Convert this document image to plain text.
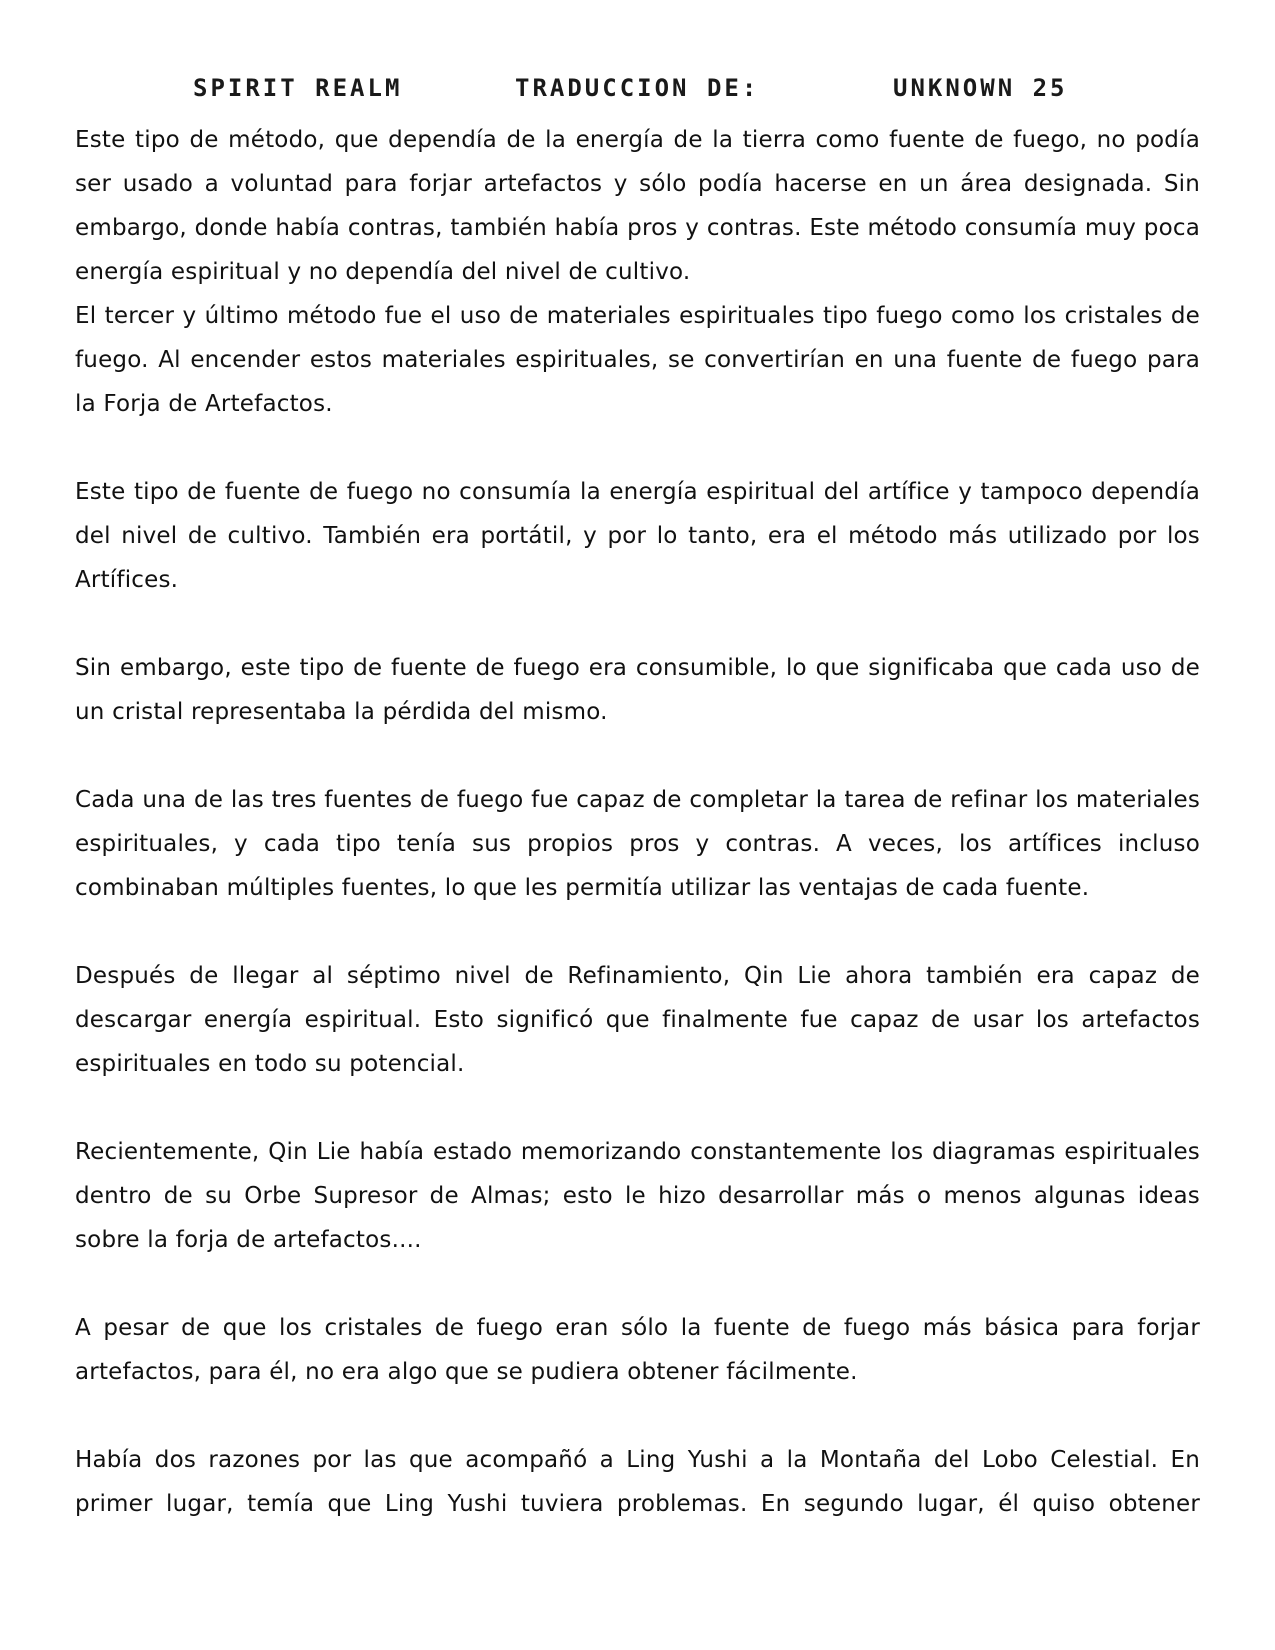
SPIRIT REALM	TRADUCCION DE:	UNKNOWN 25

Este tipo de método, que dependía de la energía de la tierra como fuente de fuego, no podía ser usado a voluntad para forjar artefactos y sólo podía hacerse en un área designada. Sin embargo, donde había contras, también había pros y contras. Este método consumía muy poca energía espiritual y no dependía del nivel de cultivo.

El tercer y último método fue el uso de materiales espirituales tipo fuego como los cristales de fuego. Al encender estos materiales espirituales, se convertirían en una fuente de fuego para la Forja de Artefactos.

Este tipo de fuente de fuego no consumía la energía espiritual del artífice y tampoco dependía del nivel de cultivo. También era portátil, y por lo tanto, era el método más utilizado por los Artífices.

Sin embargo, este tipo de fuente de fuego era consumible, lo que significaba que cada uso de un cristal representaba la pérdida del mismo.

Cada una de las tres fuentes de fuego fue capaz de completar la tarea de refinar los materiales espirituales, y cada tipo tenía sus propios pros y contras. A veces, los artífices incluso combinaban múltiples fuentes, lo que les permitía utilizar las ventajas de cada fuente.

Después de llegar al séptimo nivel de Refinamiento, Qin Lie ahora también era capaz de descargar energía espiritual. Esto significó que finalmente fue capaz de usar los artefactos espirituales en todo su potencial.

Recientemente, Qin Lie había estado memorizando constantemente los diagramas espirituales dentro de su Orbe Supresor de Almas; esto le hizo desarrollar más o menos algunas ideas sobre la forja de artefactos....

A pesar de que los cristales de fuego eran sólo la fuente de fuego más básica para forjar artefactos, para él, no era algo que se pudiera obtener fácilmente.

Había dos razones por las que acompañó a Ling Yushi a la Montaña del Lobo Celestial. En primer lugar, temía que Ling Yushi tuviera problemas. En segundo lugar, él quiso obtener
